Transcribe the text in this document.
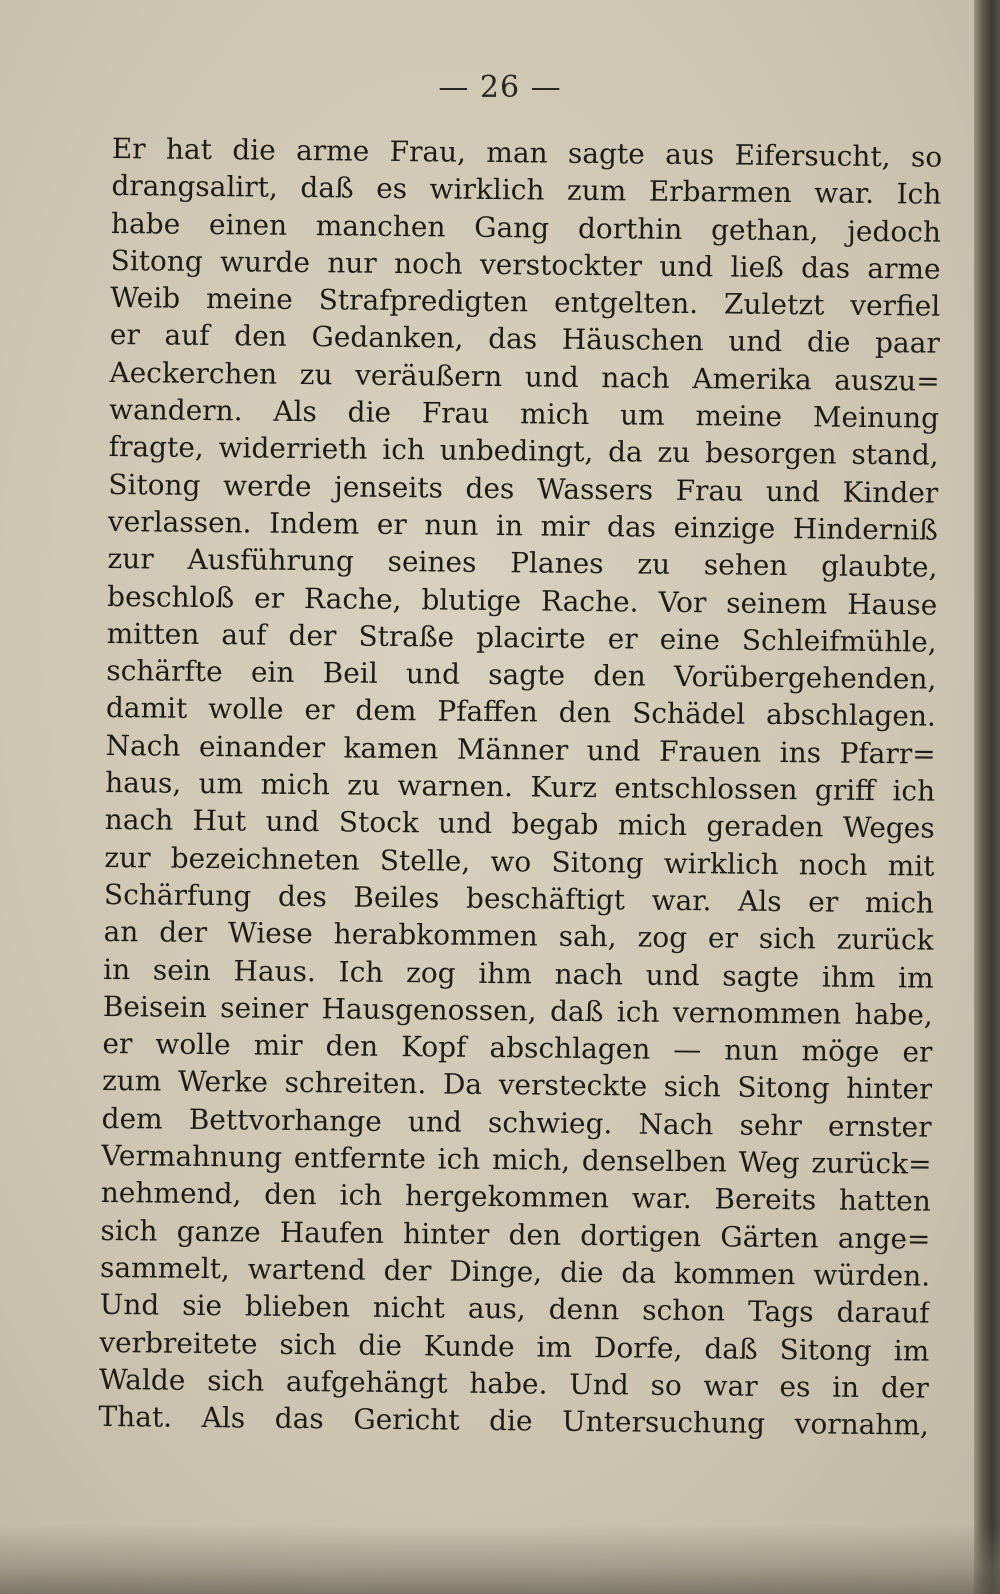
— 26 —
Er hat die arme Frau, man sagte aus Eifersucht, so
drangsalirt, daß es wirklich zum Erbarmen war. Ich
habe einen manchen Gang dorthin gethan, jedoch
Sitong wurde nur noch verstockter und ließ das arme
Weib meine Strafpredigten entgelten. Zuletzt verfiel
er auf den Gedanken, das Häuschen und die paar
Aeckerchen zu veräußern und nach Amerika auszu=
wandern. Als die Frau mich um meine Meinung
fragte, widerrieth ich unbedingt, da zu besorgen stand,
Sitong werde jenseits des Wassers Frau und Kinder
verlassen. Indem er nun in mir das einzige Hinderniß
zur Ausführung seines Planes zu sehen glaubte,
beschloß er Rache, blutige Rache. Vor seinem Hause
mitten auf der Straße placirte er eine Schleifmühle,
schärfte ein Beil und sagte den Vorübergehenden,
damit wolle er dem Pfaffen den Schädel abschlagen.
Nach einander kamen Männer und Frauen ins Pfarr=
haus, um mich zu warnen. Kurz entschlossen griff ich
nach Hut und Stock und begab mich geraden Weges
zur bezeichneten Stelle, wo Sitong wirklich noch mit
Schärfung des Beiles beschäftigt war. Als er mich
an der Wiese herabkommen sah, zog er sich zurück
in sein Haus. Ich zog ihm nach und sagte ihm im
Beisein seiner Hausgenossen, daß ich vernommen habe,
er wolle mir den Kopf abschlagen — nun möge er
zum Werke schreiten. Da versteckte sich Sitong hinter
dem Bettvorhange und schwieg. Nach sehr ernster
Vermahnung entfernte ich mich, denselben Weg zurück=
nehmend, den ich hergekommen war. Bereits hatten
sich ganze Haufen hinter den dortigen Gärten ange=
sammelt, wartend der Dinge, die da kommen würden.
Und sie blieben nicht aus, denn schon Tags darauf
verbreitete sich die Kunde im Dorfe, daß Sitong im
Walde sich aufgehängt habe. Und so war es in der
That. Als das Gericht die Untersuchung vornahm,
